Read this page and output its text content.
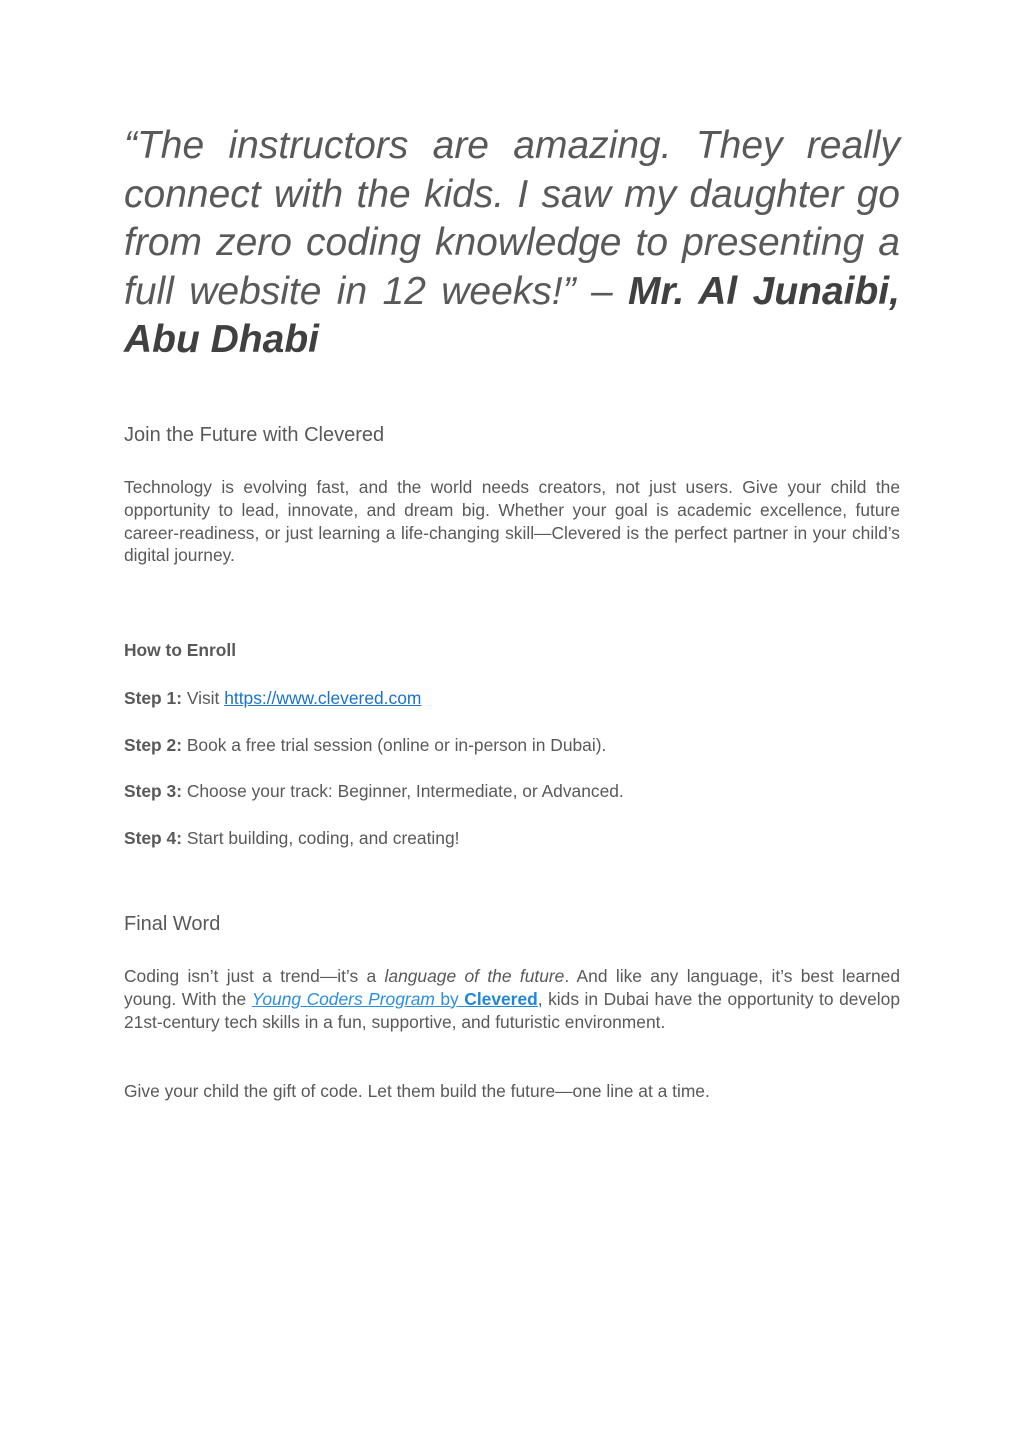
“The instructors are amazing. They really connect with the kids. I saw my daughter go from zero coding knowledge to presenting a full website in 12 weeks!” – Mr. Al Junaibi, Abu Dhabi

Join the Future with Clevered

Technology is evolving fast, and the world needs creators, not just users. Give your child the opportunity to lead, innovate, and dream big. Whether your goal is academic excellence, future career-readiness, or just learning a life-changing skill—Clevered is the perfect partner in your child’s digital journey.

How to Enroll

Step 1: Visit https://www.clevered.com

Step 2: Book a free trial session (online or in-person in Dubai).

Step 3: Choose your track: Beginner, Intermediate, or Advanced.

Step 4: Start building, coding, and creating!

Final Word

Coding isn’t just a trend—it’s a language of the future. And like any language, it’s best learned young. With the Young Coders Program by Clevered, kids in Dubai have the opportunity to develop 21st-century tech skills in a fun, supportive, and futuristic environment.

Give your child the gift of code. Let them build the future—one line at a time.
